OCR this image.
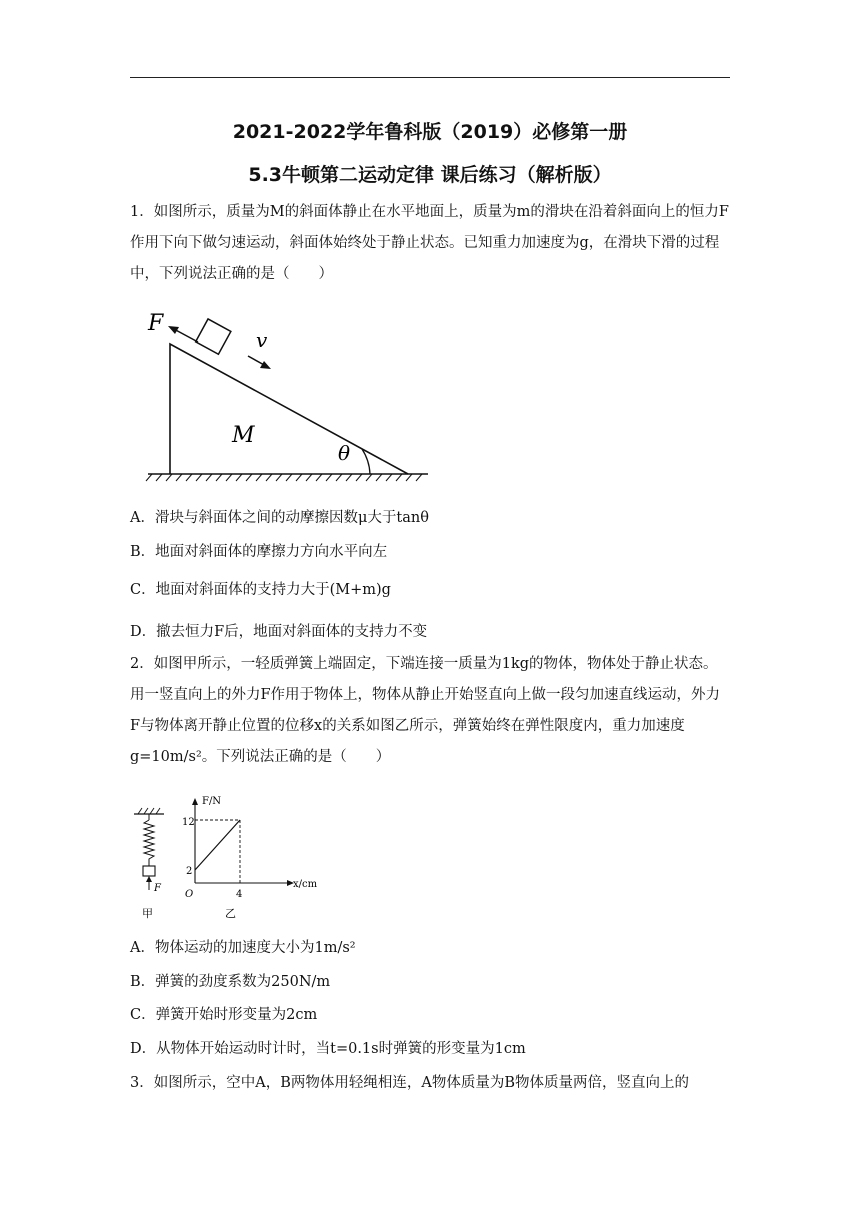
2021-2022学年鲁科版（2019）必修第一册
5.3牛顿第二运动定律 课后练习（解析版）
1．如图所示，质量为M的斜面体静止在水平地面上，质量为m的滑块在沿着斜面向上的恒力F作用下向下做匀速运动，斜面体始终处于静止状态。已知重力加速度为g，在滑块下滑的过程中，下列说法正确的是（　　）
F
v
M
θ
A．滑块与斜面体之间的动摩擦因数μ大于tanθ
B．地面对斜面体的摩擦力方向水平向左
C．地面对斜面体的支持力大于(M+m)g
D．撤去恒力F后，地面对斜面体的支持力不变
2．如图甲所示，一轻质弹簧上端固定，下端连接一质量为1kg的物体，物体处于静止状态。用一竖直向上的外力F作用于物体上，物体从静止开始竖直向上做一段匀加速直线运动，外力F与物体离开静止位置的位移x的关系如图乙所示，弹簧始终在弹性限度内，重力加速度g=10m/s²。下列说法正确的是（　　）
F
甲
F/N
x/cm
12
2
O	4
乙
A．物体运动的加速度大小为1m/s²
B．弹簧的劲度系数为250N/m
C．弹簧开始时形变量为2cm
D．从物体开始运动时计时，当t=0.1s时弹簧的形变量为1cm
3．如图所示，空中A，B两物体用轻绳相连，A物体质量为B物体质量两倍，竖直向上的
